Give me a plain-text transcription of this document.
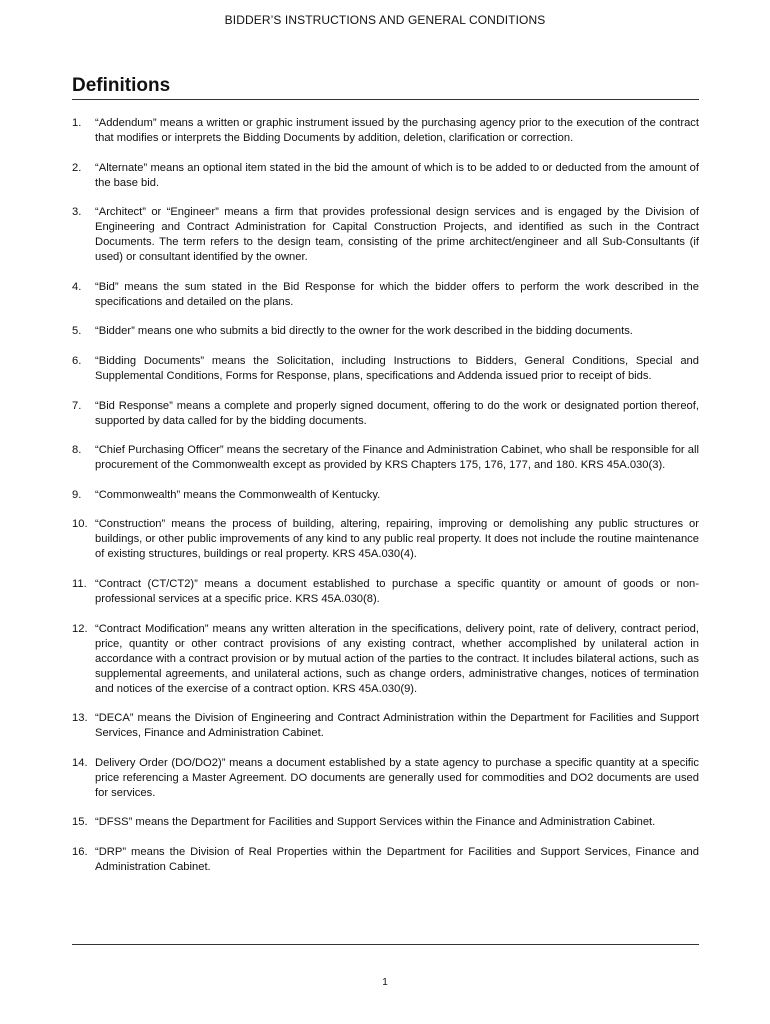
BIDDER’S INSTRUCTIONS AND GENERAL CONDITIONS
Definitions
1. “Addendum” means a written or graphic instrument issued by the purchasing agency prior to the execution of the contract that modifies or interprets the Bidding Documents by addition, deletion, clarification or correction.
2. “Alternate” means an optional item stated in the bid the amount of which is to be added to or deducted from the amount of the base bid.
3. “Architect” or “Engineer” means a firm that provides professional design services and is engaged by the Division of Engineering and Contract Administration for Capital Construction Projects, and identified as such in the Contract Documents. The term refers to the design team, consisting of the prime architect/engineer and all Sub-Consultants (if used) or consultant identified by the owner.
4. “Bid” means the sum stated in the Bid Response for which the bidder offers to perform the work described in the specifications and detailed on the plans.
5. “Bidder” means one who submits a bid directly to the owner for the work described in the bidding documents.
6. “Bidding Documents” means the Solicitation, including Instructions to Bidders, General Conditions, Special and Supplemental Conditions, Forms for Response, plans, specifications and Addenda issued prior to receipt of bids.
7. “Bid Response” means a complete and properly signed document, offering to do the work or designated portion thereof, supported by data called for by the bidding documents.
8. “Chief Purchasing Officer” means the secretary of the Finance and Administration Cabinet, who shall be responsible for all procurement of the Commonwealth except as provided by KRS Chapters 175, 176, 177, and 180. KRS 45A.030(3).
9. “Commonwealth” means the Commonwealth of Kentucky.
10. “Construction” means the process of building, altering, repairing, improving or demolishing any public structures or buildings, or other public improvements of any kind to any public real property. It does not include the routine maintenance of existing structures, buildings or real property. KRS 45A.030(4).
11. “Contract (CT/CT2)” means a document established to purchase a specific quantity or amount of goods or non-professional services at a specific price. KRS 45A.030(8).
12. “Contract Modification” means any written alteration in the specifications, delivery point, rate of delivery, contract period, price, quantity or other contract provisions of any existing contract, whether accomplished by unilateral action in accordance with a contract provision or by mutual action of the parties to the contract. It includes bilateral actions, such as supplemental agreements, and unilateral actions, such as change orders, administrative changes, notices of termination and notices of the exercise of a contract option. KRS 45A.030(9).
13. “DECA” means the Division of Engineering and Contract Administration within the Department for Facilities and Support Services, Finance and Administration Cabinet.
14. Delivery Order (DO/DO2)” means a document established by a state agency to purchase a specific quantity at a specific price referencing a Master Agreement. DO documents are generally used for commodities and DO2 documents are used for services.
15. “DFSS” means the Department for Facilities and Support Services within the Finance and Administration Cabinet.
16. “DRP” means the Division of Real Properties within the Department for Facilities and Support Services, Finance and Administration Cabinet.
1
